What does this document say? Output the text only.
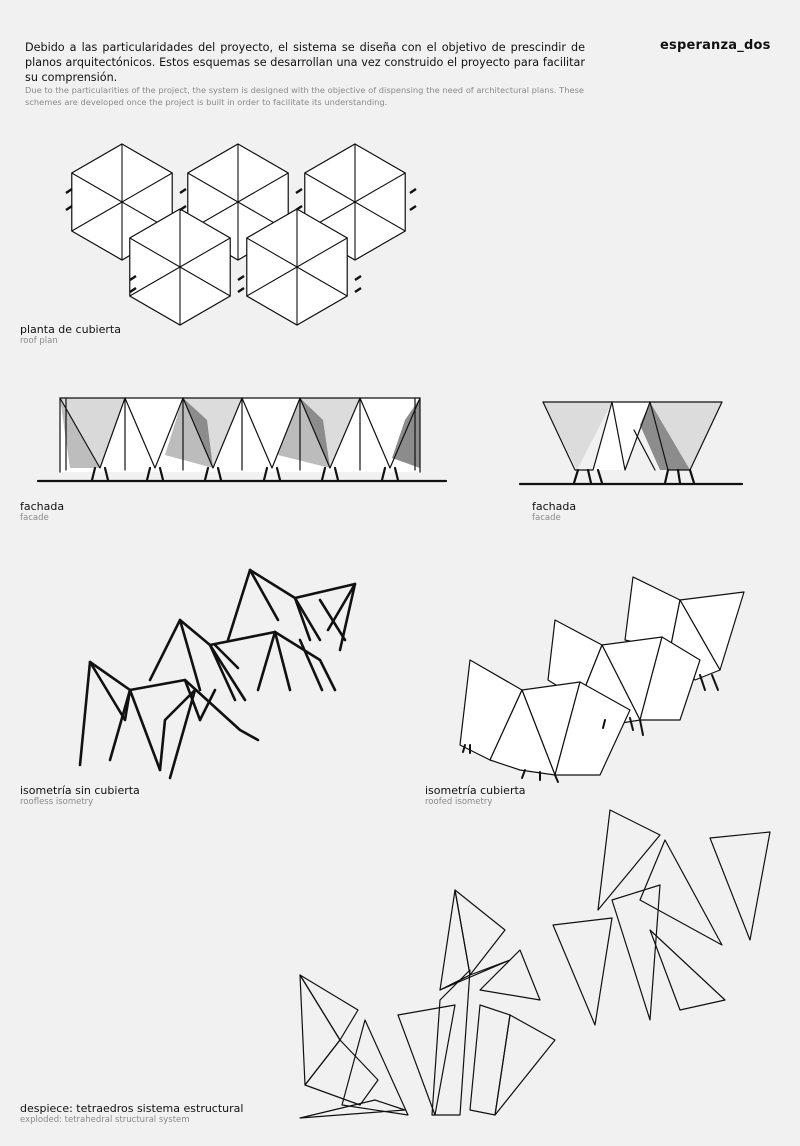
Debido a las particularidades del proyecto, el sistema se diseña con el objetivo de prescindir de planos arquitectónicos. Estos esquemas se desarrollan una vez construido el proyecto para facilitar su comprensión.
Due to the particularities of the project, the system is designed with the objective of dispensing the need of architectural plans. These schemes are developed once the project is built in order to facilitate its understanding.
esperanza_dos
planta de cubierta
roof plan
fachada
facade
fachada
facade
isometría sin cubierta
roofless isometry
isometría cubierta
roofed isometry
despiece: tetraedros sistema estructural
exploded: tetrahedral structural system
